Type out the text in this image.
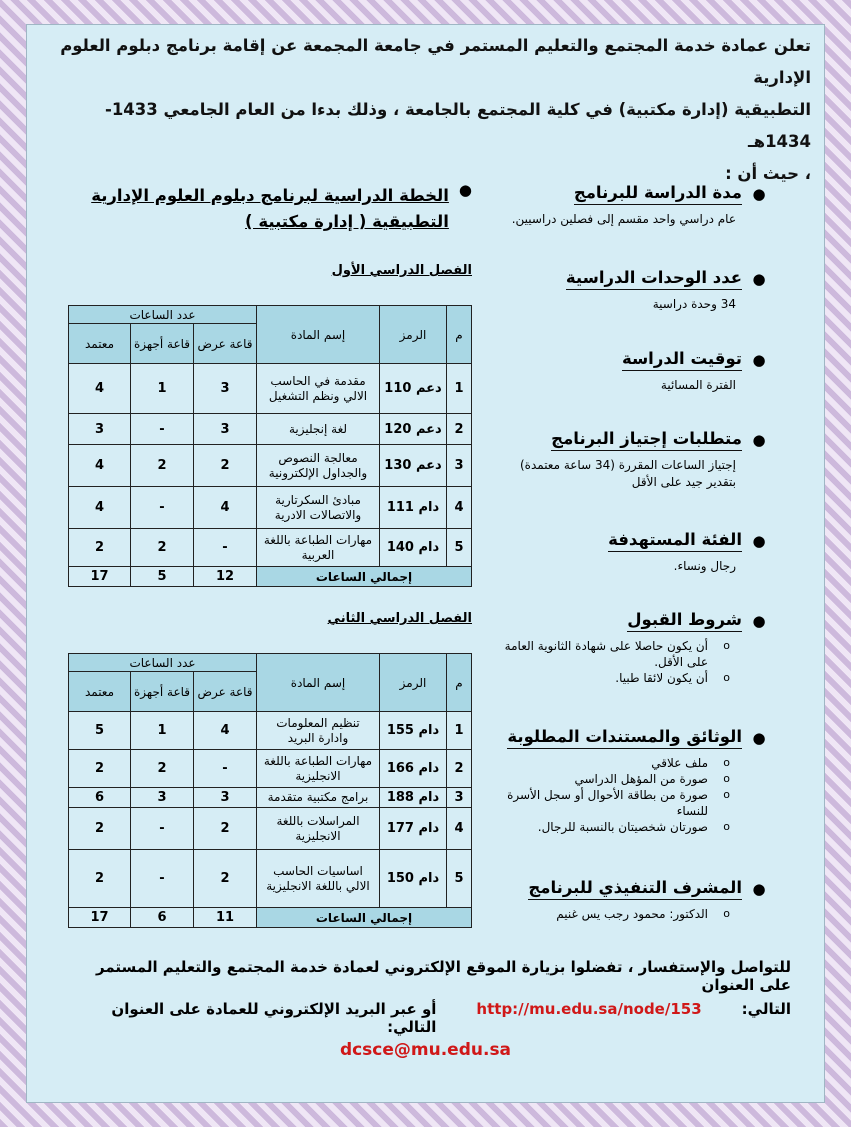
تعلن عمادة خدمة المجتمع والتعليم المستمر في جامعة المجمعة عن إقامة برنامج دبلوم العلوم الإدارية

التطبيقية (إدارة مكتبية) في كلية المجتمع بالجامعة ، وذلك بدءا من العام الجامعي 1433-1434هـ

، حيث أن :

●
مدة الدراسة للبرنامج
عام دراسي واحد مقسم إلى فصلين دراسيين.
●
عدد الوحدات الدراسية
34 وحدة دراسية
●
توقيت الدراسة
الفترة المسائية
●
متطلبات إجتياز البرنامج
إجتياز الساعات المقررة (34 ساعة معتمدة) بتقدير جيد على الأقل
●
الفئة المستهدفة
رجال ونساء.
●
شروط القبول
o أن يكون حاصلا على شهادة الثانوية العامة على الأقل.
o أن يكون لائقا طبيا.
●
الوثائق والمستندات المطلوبة
o ملف علاقي
o صورة من المؤهل الدراسي
o صورة من بطاقة الأحوال أو سجل الأسرة للنساء
o صورتان شخصيتان بالنسبة للرجال.
●
المشرف التنفيذي للبرنامج
o الدكتور: محمود رجب يس غنيم
●
الخطة الدراسية لبرنامج دبلوم العلوم الإدارية التطبيقية ( إدارة مكتبية )
الفصل الدراسي الأول
م	الرمز	إسم المادة	عدد الساعات		
			قاعة عرض	قاعة أجهزة	معتمد
1	دعم 110	مقدمة في الحاسب الالي ونظم التشغيل	3	1	4
2	دعم 120	لغة إنجليزية	3	-	3
3	دعم 130	معالجة النصوص والجداول الإلكترونية	2	2	4
4	دام 111	مبادئ السكرتارية والاتصالات الادرية	4	-	4
5	دام 140	مهارات الطباعة باللغة العربية	-	2	2
إجمالي الساعات			12	5	17
الفصل الدراسي الثاني
م	الرمز	إسم المادة	عدد الساعات		
			قاعة عرض	قاعة أجهزة	معتمد
1	دام 155	تنظيم المعلومات وادارة البريد	4	1	5
2	دام 166	مهارات الطباعة باللغة الانجليزية	-	2	2
3	دام 188	برامج مكتبية متقدمة	3	3	6
4	دام 177	المراسلات باللغة الانجليزية	2	-	2
5	دام 150	اساسيات الحاسب الالي باللغة الانجليزية	2	-	2
إجمالي الساعات			11	6	17
للتواصل والإستفسار ، تفضلوا بزيارة الموقع الإلكتروني لعمادة خدمة المجتمع والتعليم المستمر على العنوان
التالي:
http://mu.edu.sa/node/153
أو عبر البريد الإلكتروني للعمادة على العنوان التالي:
dcsce@mu.edu.sa
